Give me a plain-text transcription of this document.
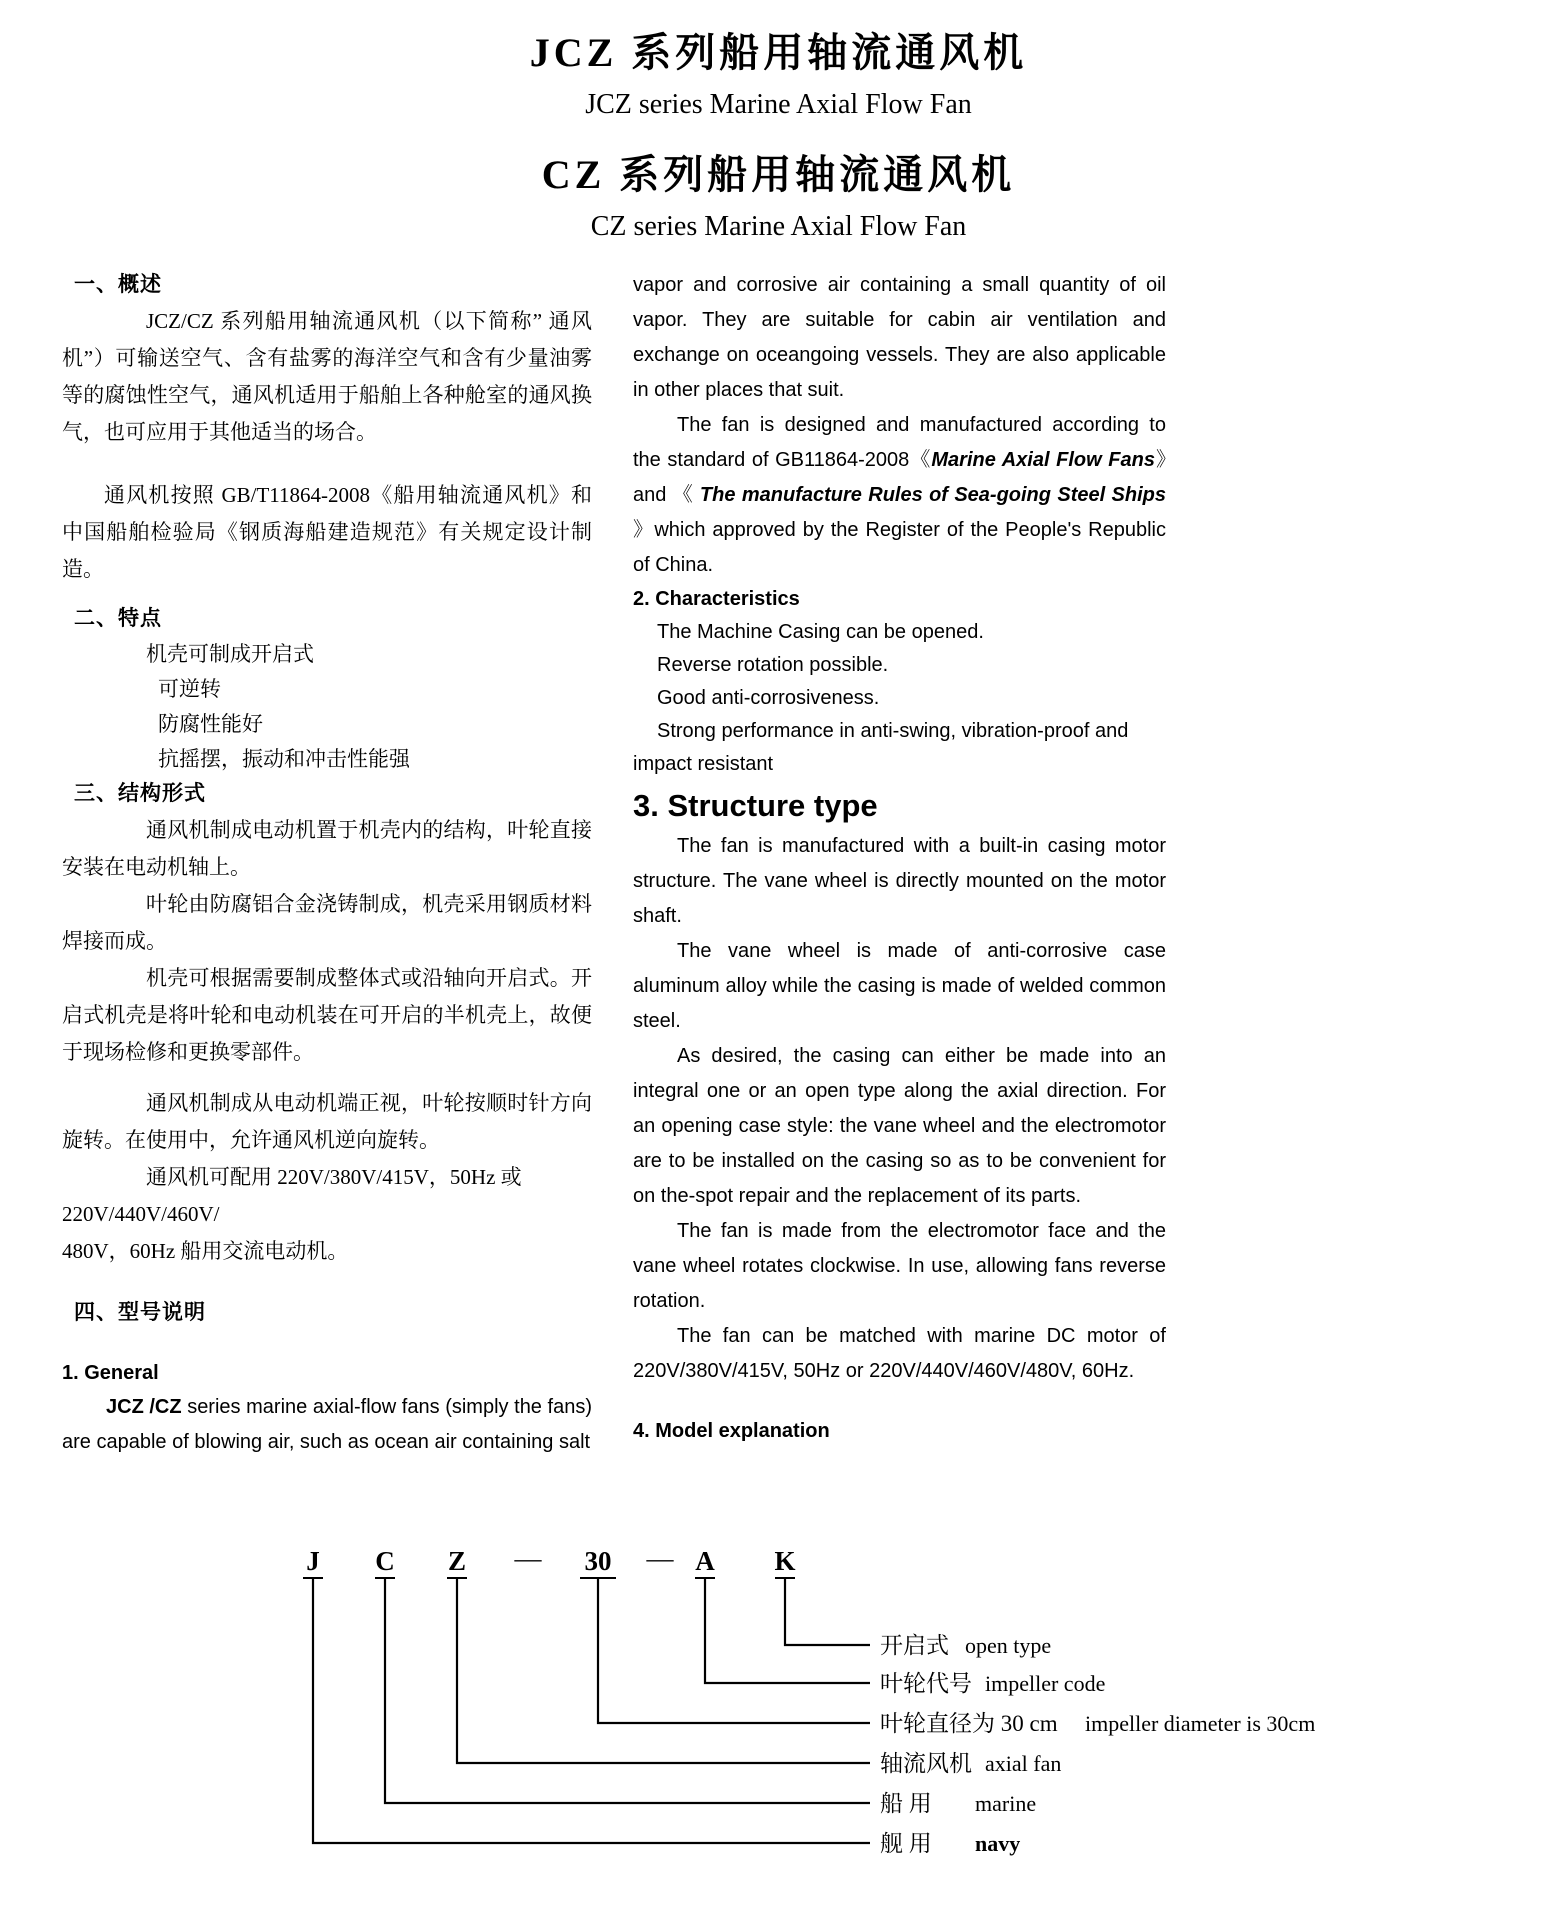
JCZ 系列船用轴流通风机
JCZ series Marine Axial Flow Fan
CZ 系列船用轴流通风机
CZ series Marine Axial Flow Fan
一、概述

JCZ/CZ 系列船用轴流通风机（以下简称” 通风机”）可输送空气、含有盐雾的海洋空气和含有少量油雾等的腐蚀性空气，通风机适用于船舶上各种舱室的通风换气，也可应用于其他适当的场合。

通风机按照 GB/T11864-2008《船用轴流通风机》和中国船舶检验局《钢质海船建造规范》有关规定设计制造。

二、特点
机壳可制成开启式
可逆转
防腐性能好
抗摇摆，振动和冲击性能强
三、结构形式

通风机制成电动机置于机壳内的结构，叶轮直接安装在电动机轴上。

叶轮由防腐铝合金浇铸制成，机壳采用钢质材料焊接而成。

机壳可根据需要制成整体式或沿轴向开启式。开启式机壳是将叶轮和电动机装在可开启的半机壳上，故便于现场检修和更换零部件。

通风机制成从电动机端正视，叶轮按顺时针方向旋转。在使用中，允许通风机逆向旋转。

通风机可配用 220V/380V/415V，50Hz 或

220V/440V/460V/

480V，60Hz 船用交流电动机。

四、型号说明
1. General

JCZ /CZ series marine axial-flow fans (simply the fans) are capable of blowing air, such as ocean air containing salt

vapor and corrosive air containing a small quantity of oil vapor. They are suitable for cabin air ventilation and exchange on oceangoing vessels. They are also applicable in other places that suit.

The fan is designed and manufactured according to the standard of GB11864-2008《Marine Axial Flow Fans》and 《 The manufacture Rules of Sea-going Steel Ships 》which approved by the Register of the People's Republic of China.

2. Characteristics
The Machine Casing can be opened.
Reverse rotation possible.
Good anti-corrosiveness.
Strong performance in anti-swing, vibration-proof and impact resistant
3. Structure type

The fan is manufactured with a built-in casing motor structure. The vane wheel is directly mounted on the motor shaft.

The vane wheel is made of anti-corrosive case aluminum alloy while the casing is made of welded common steel.

As desired, the casing can either be made into an integral one or an open type along the axial direction. For an opening case style: the vane wheel and the electromotor are to be installed on the casing so as to be convenient for on the-spot repair and the replacement of its parts.

The fan is made from the electromotor face and the vane wheel rotates clockwise. In use, allowing fans reverse rotation.

The fan can be matched with marine DC motor of 220V/380V/415V, 50Hz or 220V/440V/460V/480V, 60Hz.

4. Model explanation
J C Z — 30 — A K
开启式 open type
叶轮代号 impeller code
叶轮直径为 30 cm impeller diameter is 30cm
轴流风机 axial fan
船 用 marine
舰 用 navy
